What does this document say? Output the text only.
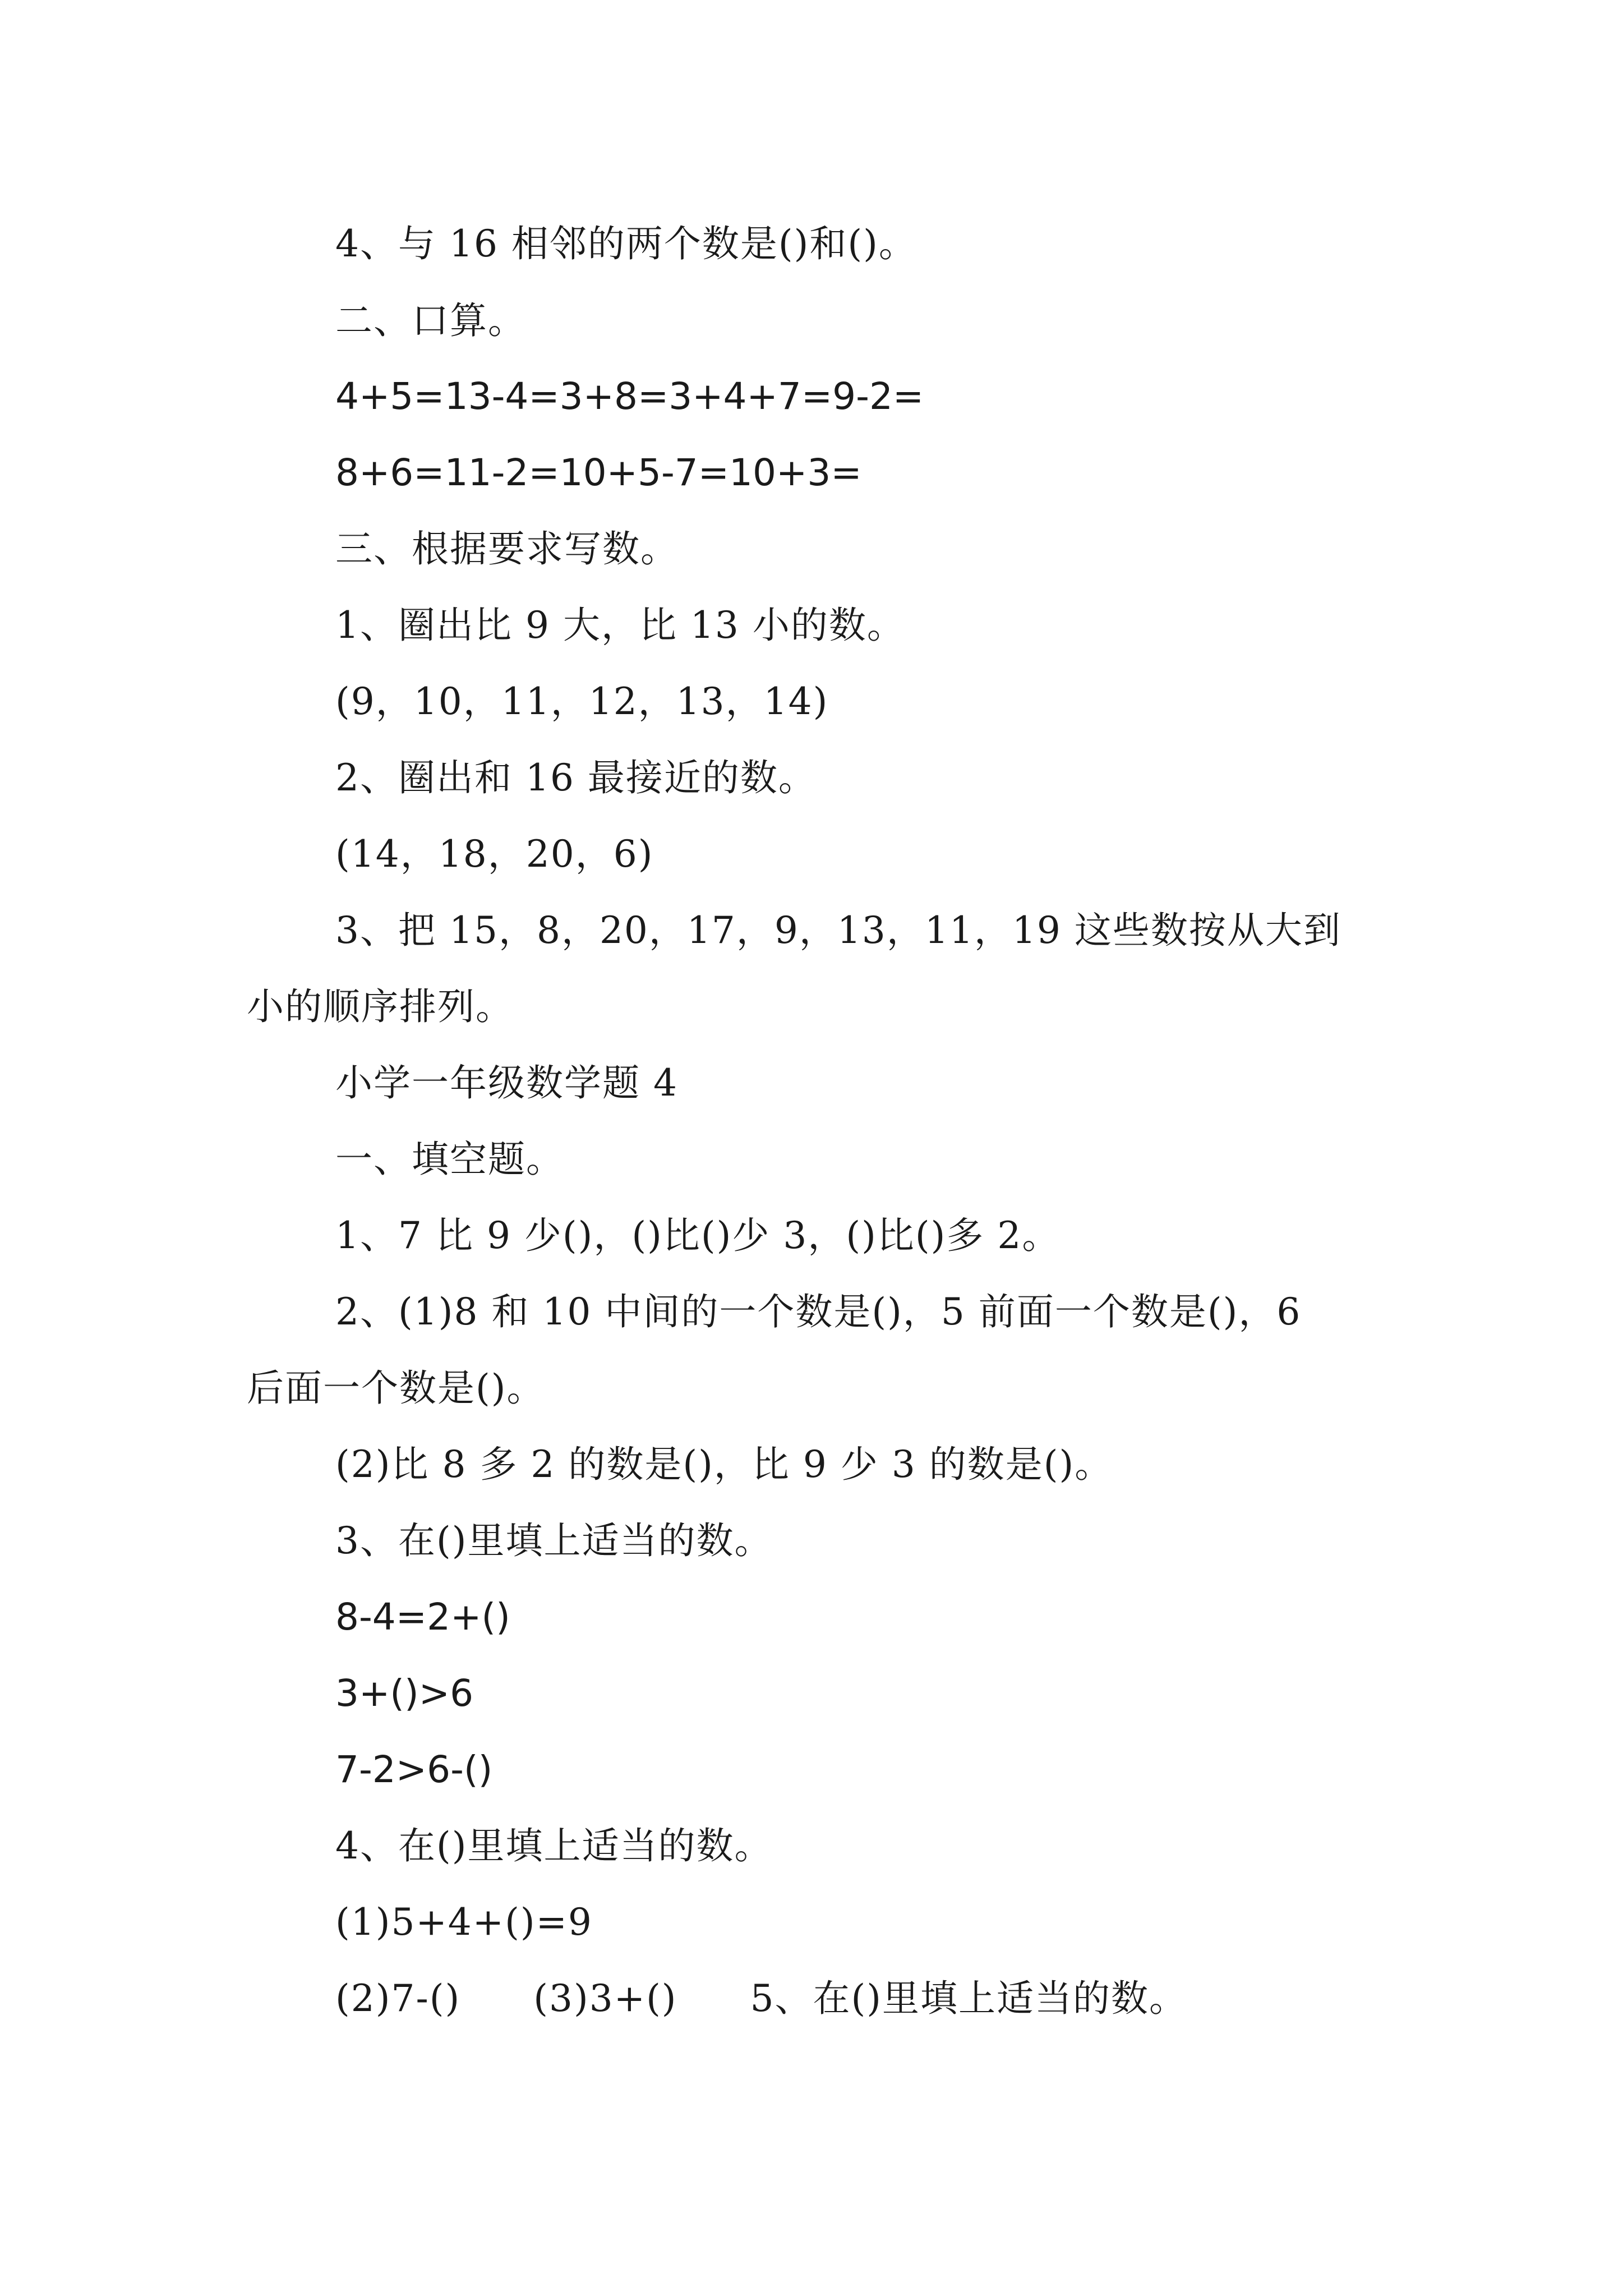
4、与 16 相邻的两个数是()和()。
二、口算。
4+5=13-4=3+8=3+4+7=9-2=
8+6=11-2=10+5-7=10+3=
三、根据要求写数。
1、圈出比 9 大，比 13 小的数。
(9，10，11，12，13，14)
2、圈出和 16 最接近的数。
(14，18，20，6)
3、把 15，8，20，17，9，13，11，19 这些数按从大到
小的顺序排列。
小学一年级数学题 4
一、填空题。
1、7 比 9 少()，()比()少 3，()比()多 2。
2、(1)8 和 10 中间的一个数是()，5 前面一个数是()，6
后面一个数是()。
(2)比 8 多 2 的数是()，比 9 少 3 的数是()。
3、在()里填上适当的数。
8-4=2+()
3+()>6
7-2>6-()
4、在()里填上适当的数。
(1)5+4+()=9
(2)7-() (3)3+() 5、在()里填上适当的数。
